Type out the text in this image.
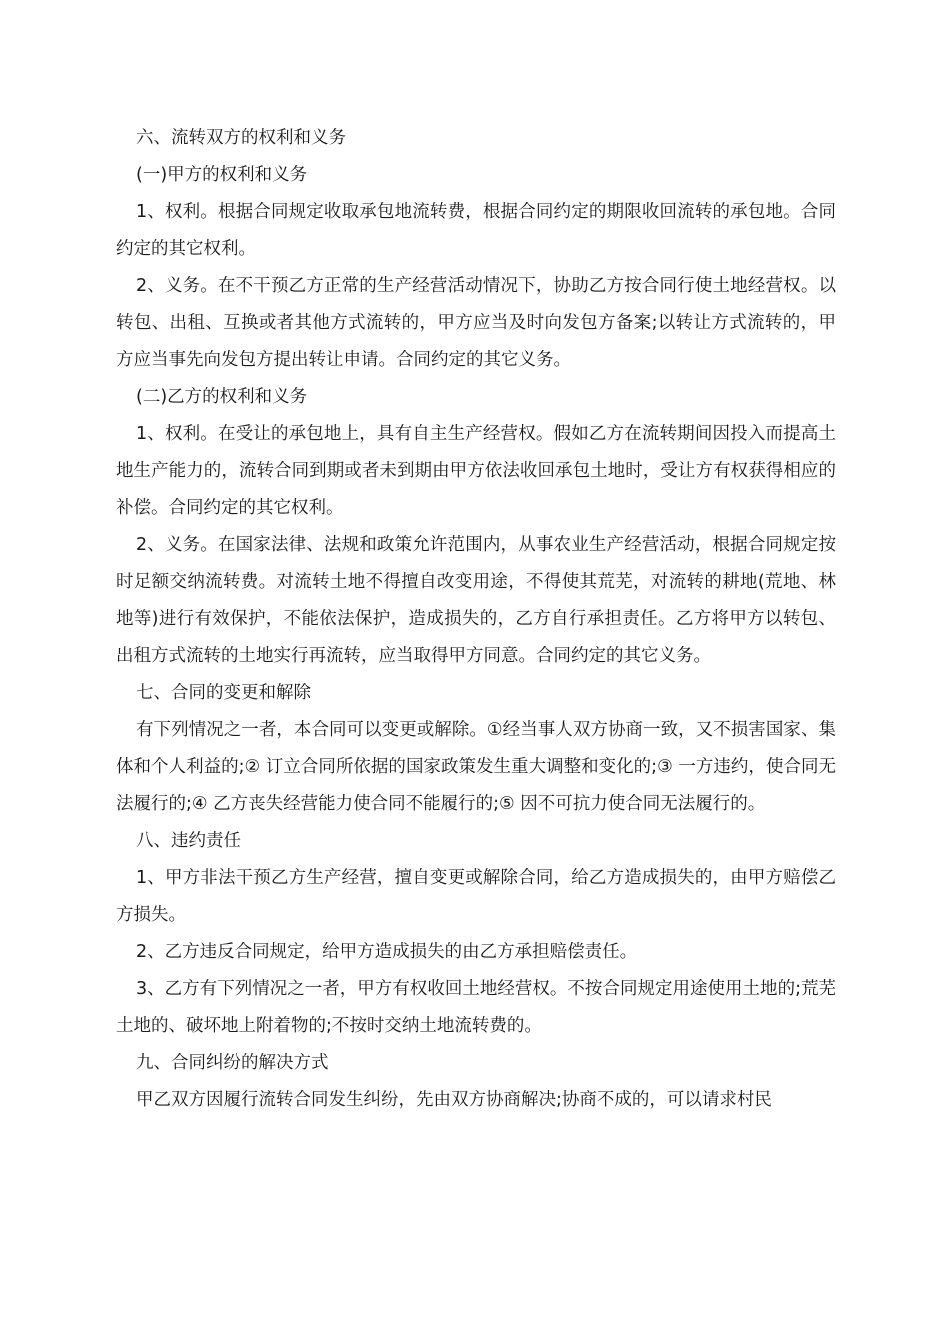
六、流转双方的权利和义务

(一)甲方的权利和义务

1、权利。根据合同规定收取承包地流转费，根据合同约定的期限收回流转的承包地。合同约定的其它权利。

2、义务。在不干预乙方正常的生产经营活动情况下，协助乙方按合同行使土地经营权。以转包、出租、互换或者其他方式流转的，甲方应当及时向发包方备案;以转让方式流转的，甲方应当事先向发包方提出转让申请。合同约定的其它义务。

(二)乙方的权利和义务

1、权利。在受让的承包地上，具有自主生产经营权。假如乙方在流转期间因投入而提高土地生产能力的，流转合同到期或者未到期由甲方依法收回承包土地时，受让方有权获得相应的补偿。合同约定的其它权利。

2、义务。在国家法律、法规和政策允许范围内，从事农业生产经营活动，根据合同规定按时足额交纳流转费。对流转土地不得擅自改变用途，不得使其荒芜，对流转的耕地(荒地、林地等)进行有效保护，不能依法保护，造成损失的，乙方自行承担责任。乙方将甲方以转包、出租方式流转的土地实行再流转，应当取得甲方同意。合同约定的其它义务。

七、合同的变更和解除

有下列情况之一者，本合同可以变更或解除。①经当事人双方协商一致，又不损害国家、集体和个人利益的;② 订立合同所依据的国家政策发生重大调整和变化的;③ 一方违约，使合同无法履行的;④ 乙方丧失经营能力使合同不能履行的;⑤ 因不可抗力使合同无法履行的。

八、违约责任

1、甲方非法干预乙方生产经营，擅自变更或解除合同，给乙方造成损失的，由甲方赔偿乙方损失。

2、乙方违反合同规定，给甲方造成损失的由乙方承担赔偿责任。

3、乙方有下列情况之一者，甲方有权收回土地经营权。不按合同规定用途使用土地的;荒芜土地的、破坏地上附着物的;不按时交纳土地流转费的。

九、合同纠纷的解决方式

甲乙双方因履行流转合同发生纠纷，先由双方协商解决;协商不成的，可以请求村民
